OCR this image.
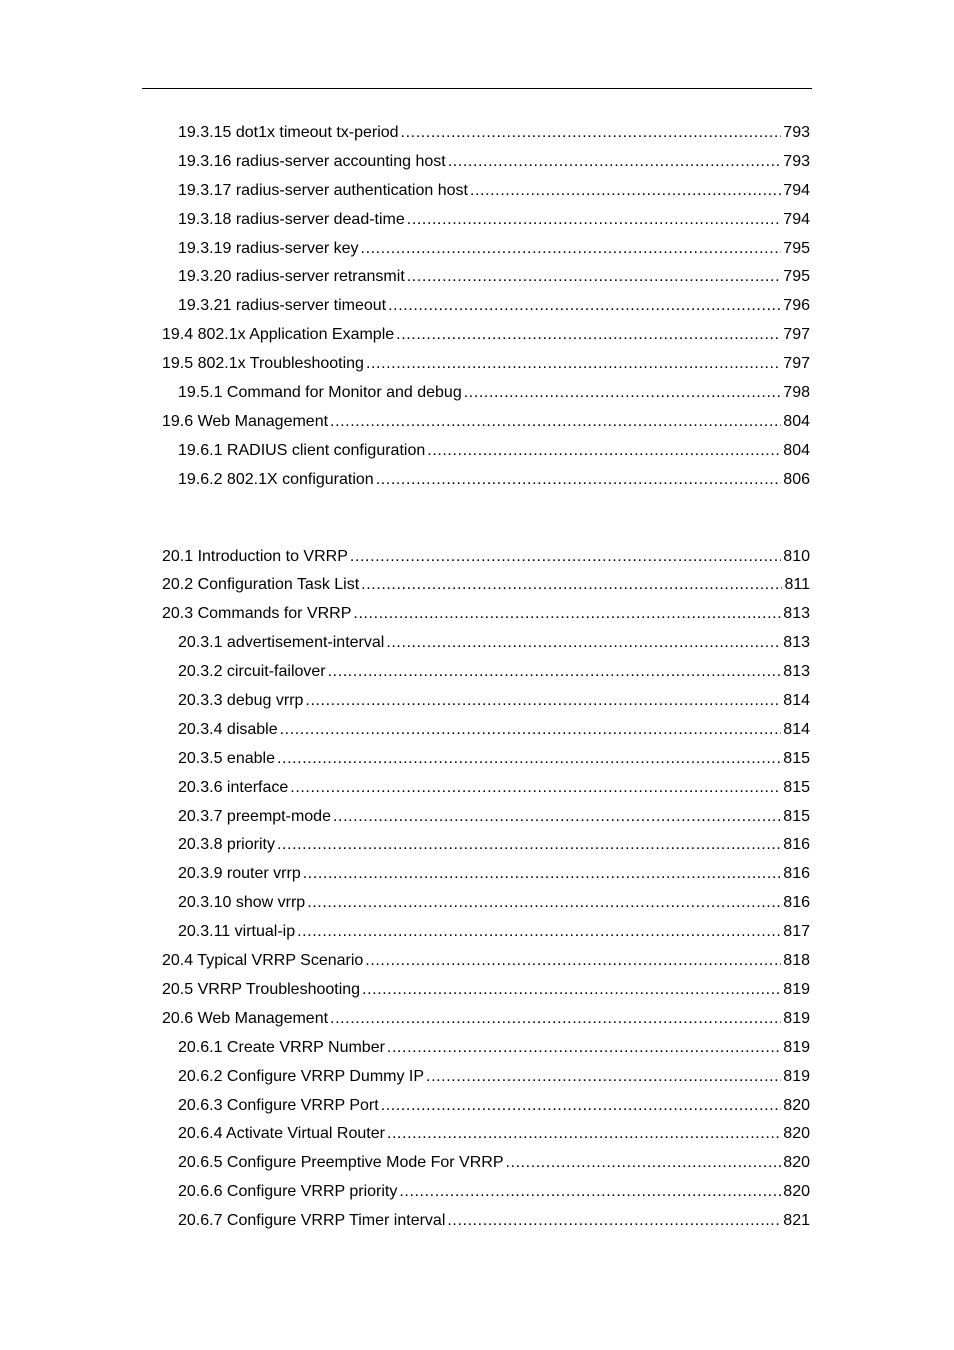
19.3.15 dot1x timeout tx-period .....	793
19.3.16 radius-server accounting host .....	793
19.3.17 radius-server authentication host .....	794
19.3.18 radius-server dead-time .....	794
19.3.19 radius-server key .....	795
19.3.20 radius-server retransmit .....	795
19.3.21 radius-server timeout .....	796
19.4 802.1x Application Example .....	797
19.5 802.1x Troubleshooting .....	797
19.5.1 Command for Monitor and debug .....	798
19.6 Web Management .....	804
19.6.1 RADIUS client configuration .....	804
19.6.2 802.1X configuration .....	806
20.1 Introduction to VRRP .....	810
20.2 Configuration Task List .....	811
20.3 Commands for VRRP .....	813
20.3.1 advertisement-interval .....	813
20.3.2 circuit-failover .....	813
20.3.3 debug vrrp .....	814
20.3.4 disable .....	814
20.3.5 enable .....	815
20.3.6 interface .....	815
20.3.7 preempt-mode .....	815
20.3.8 priority .....	816
20.3.9 router vrrp .....	816
20.3.10 show vrrp .....	816
20.3.11 virtual-ip .....	817
20.4 Typical VRRP Scenario .....	818
20.5 VRRP Troubleshooting .....	819
20.6 Web Management .....	819
20.6.1 Create VRRP Number .....	819
20.6.2 Configure VRRP Dummy IP .....	819
20.6.3 Configure VRRP Port .....	820
20.6.4 Activate Virtual Router .....	820
20.6.5 Configure Preemptive Mode For VRRP .....	820
20.6.6 Configure VRRP priority .....	820
20.6.7 Configure VRRP Timer interval .....	821
